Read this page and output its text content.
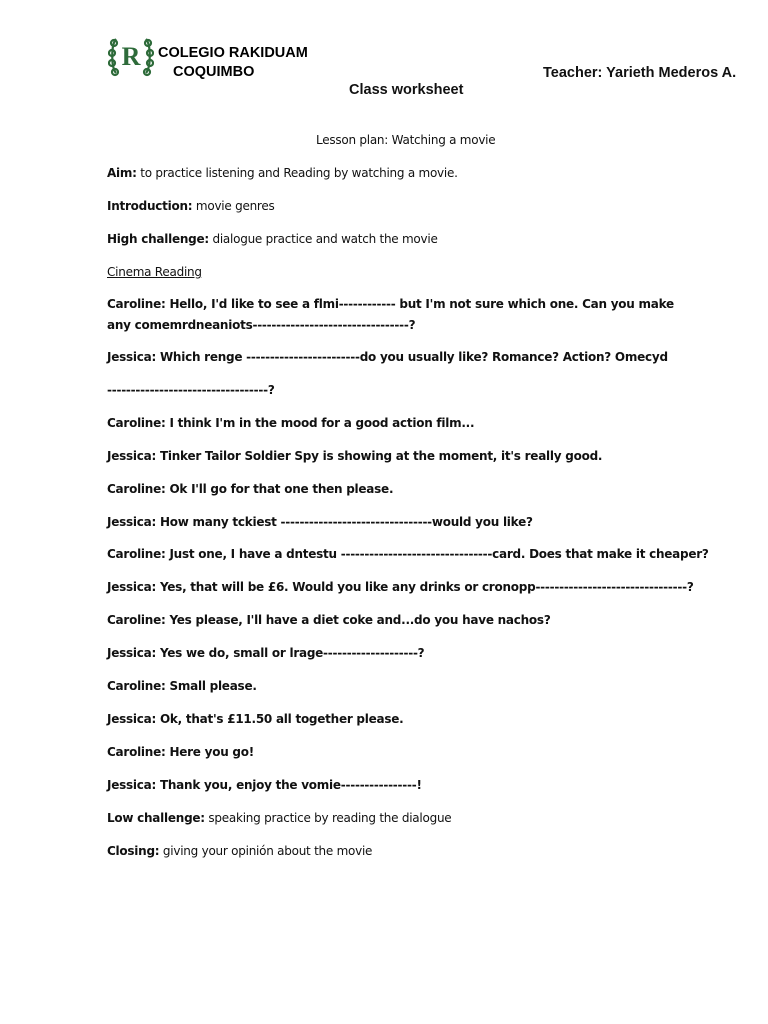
R COLEGIO RAKIDUAM
COQUIMBO	Teacher: Yarieth Mederos A.
Class worksheet
Lesson plan: Watching a movie
Aim: to practice listening and Reading by watching a movie.
Introduction: movie genres
High challenge: dialogue practice and watch the movie
Cinema Reading
Caroline: Hello, I'd like to see a flmi------------ but I'm not sure which one. Can you make
any comemrdneaniots---------------------------------?
Jessica: Which renge ------------------------do you usually like? Romance? Action? Omecyd
----------------------------------?
Caroline: I think I'm in the mood for a good action film...
Jessica: Tinker Tailor Soldier Spy is showing at the moment, it's really good.
Caroline: Ok I'll go for that one then please.
Jessica: How many tckiest --------------------------------would you like?
Caroline: Just one, I have a dntestu --------------------------------card. Does that make it cheaper?
Jessica: Yes, that will be £6. Would you like any drinks or cronopp--------------------------------?
Caroline: Yes please, I'll have a diet coke and...do you have nachos?
Jessica: Yes we do, small or lrage--------------------?
Caroline: Small please.
Jessica: Ok, that's £11.50 all together please.
Caroline: Here you go!
Jessica: Thank you, enjoy the vomie----------------!
Low challenge: speaking practice by reading the dialogue
Closing: giving your opinión about the movie
